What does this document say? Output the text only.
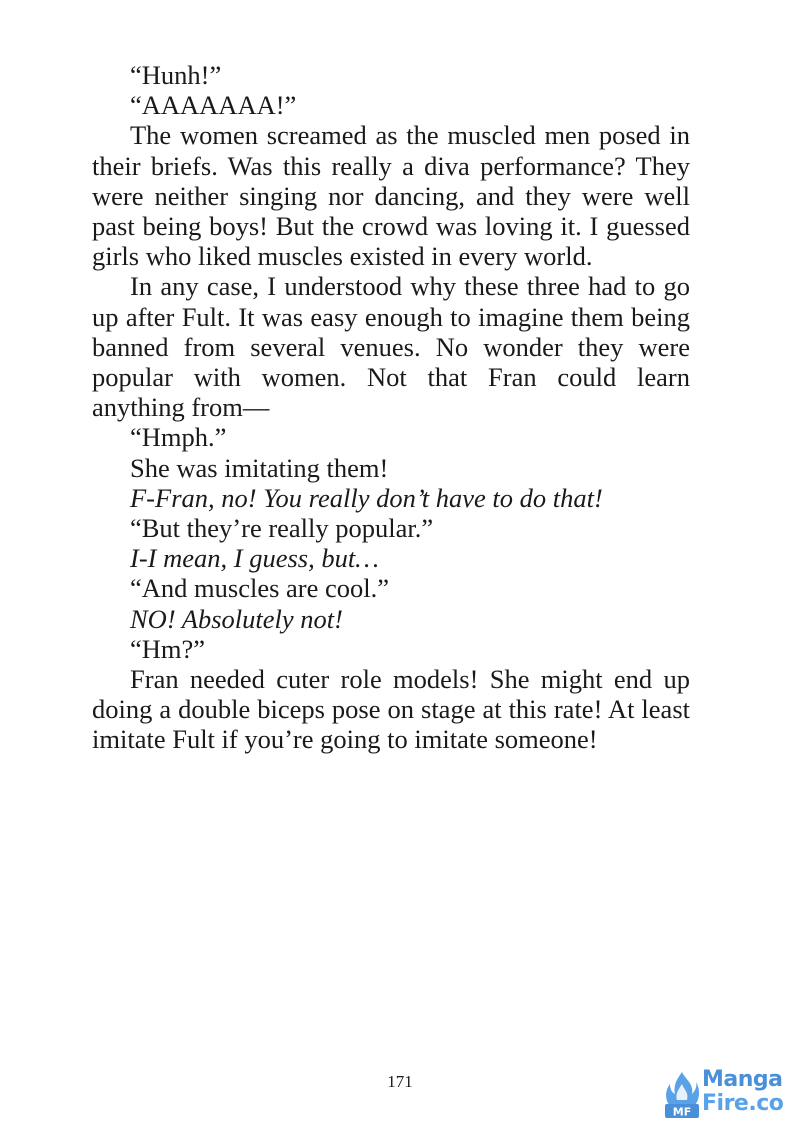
“Hunh!”

“AAAAAAA!”

The women screamed as the muscled men posed in their briefs. Was this really a diva performance? They were neither singing nor dancing, and they were well past being boys! But the crowd was loving it. I guessed girls who liked muscles existed in every world.

In any case, I understood why these three had to go up after Fult. It was easy enough to imagine them being banned from several venues. No wonder they were popular with women. Not that Fran could learn anything from—

“Hmph.”

She was imitating them!

F-Fran, no! You really don’t have to do that!

“But they’re really popular.”

I-I mean, I guess, but…

“And muscles are cool.”

NO! Absolutely not!

“Hm?”

Fran needed cuter role models! She might end up doing a double biceps pose on stage at this rate! At least imitate Fult if you’re going to imitate someone!

171
MF
Manga
Fire.co
